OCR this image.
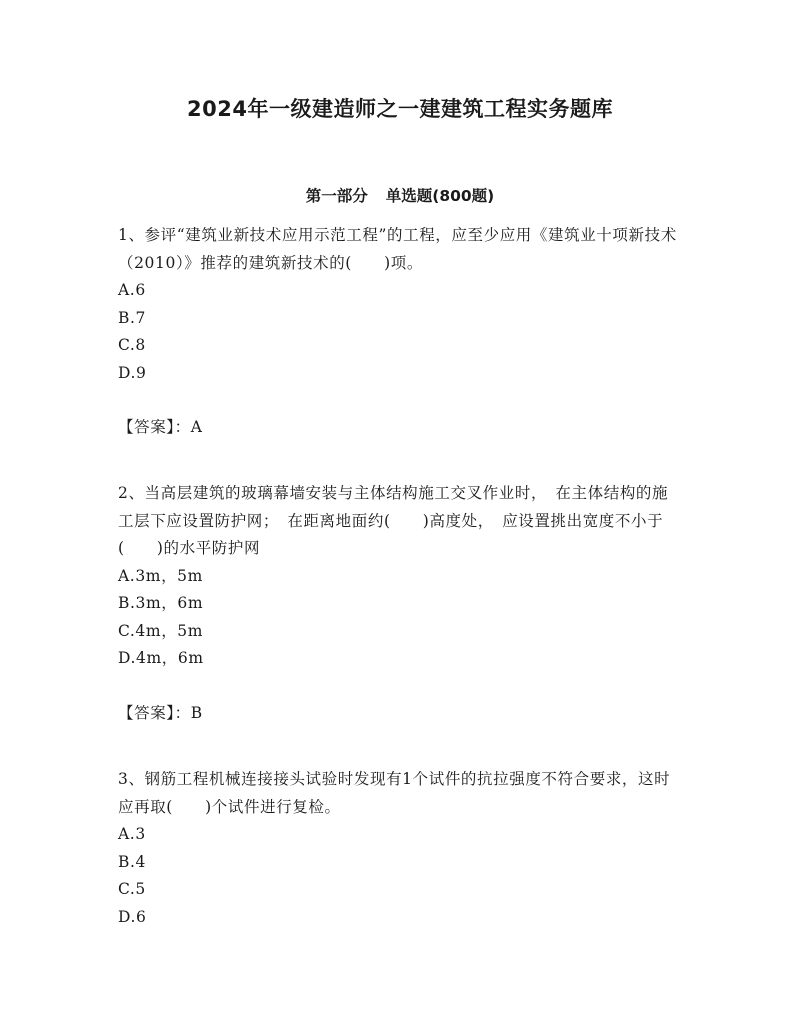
2024年一级建造师之一建建筑工程实务题库
第一部分 单选题(800题)

1、参评“建筑业新技术应用示范工程”的工程，应至少应用《建筑业十项新技术（2010）》推荐的建筑新技术的(　　)项。

A.6

B.7

C.8

D.9

【答案】：A

2、当高层建筑的玻璃幕墙安装与主体结构施工交叉作业时，　在主体结构的施工层下应设置防护网；　在距离地面约(　　)高度处，　应设置挑出宽度不小于(　　)的水平防护网

A.3m，5m

B.3m，6m

C.4m，5m

D.4m，6m

【答案】：B

3、钢筋工程机械连接接头试验时发现有1个试件的抗拉强度不符合要求，这时应再取(　　)个试件进行复检。

A.3

B.4

C.5

D.6
